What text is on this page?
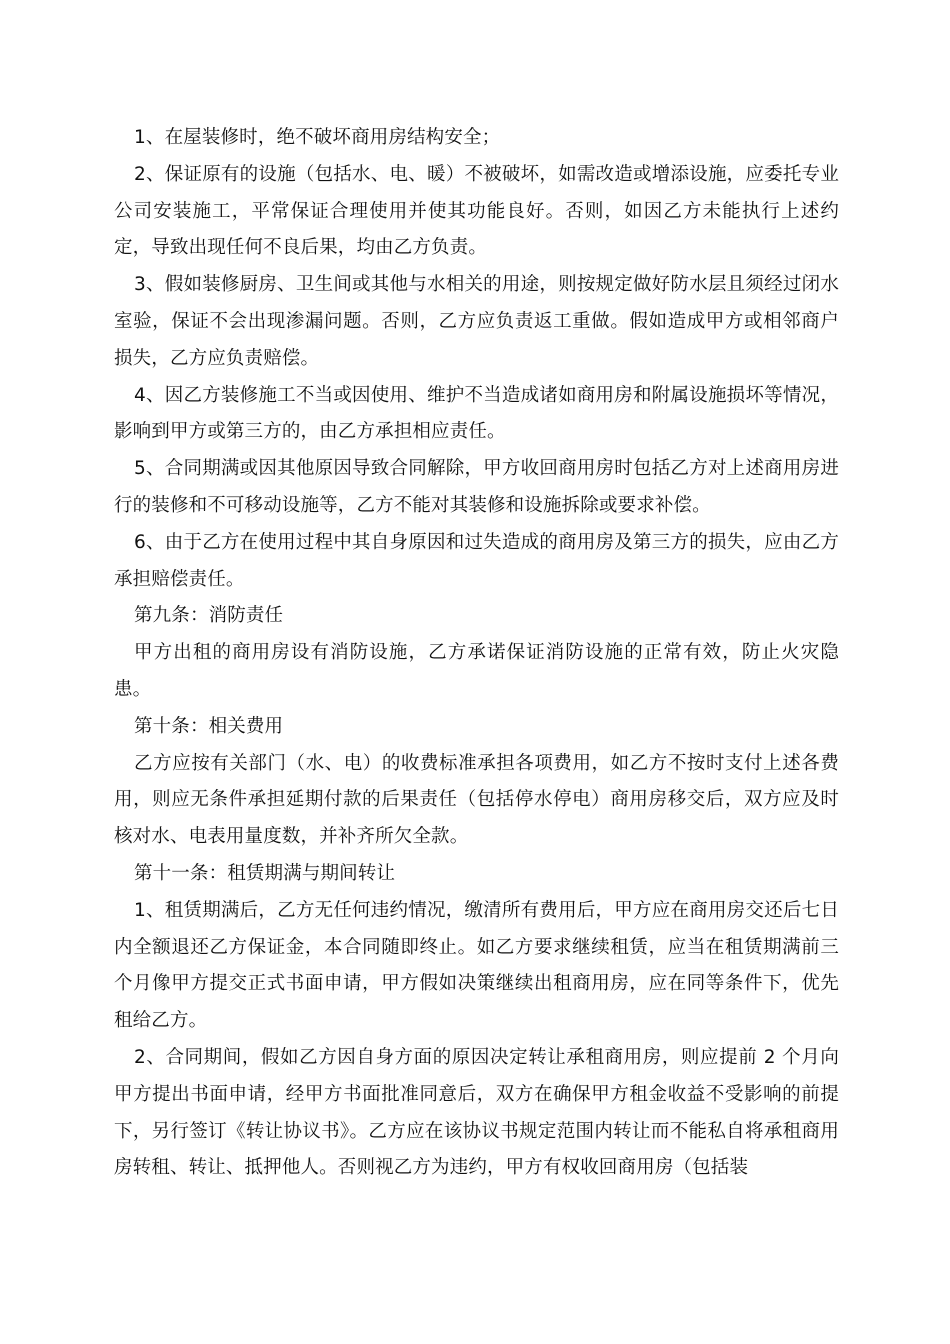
1、在屋装修时，绝不破坏商用房结构安全；

2、保证原有的设施（包括水、电、暖）不被破坏，如需改造或增添设施，应委托专业公司安装施工，平常保证合理使用并使其功能良好。否则，如因乙方未能执行上述约定，导致出现任何不良后果，均由乙方负责。

3、假如装修厨房、卫生间或其他与水相关的用途，则按规定做好防水层且须经过闭水室验，保证不会出现渗漏问题。否则，乙方应负责返工重做。假如造成甲方或相邻商户损失，乙方应负责赔偿。

4、因乙方装修施工不当或因使用、维护不当造成诸如商用房和附属设施损坏等情况，影响到甲方或第三方的，由乙方承担相应责任。

5、合同期满或因其他原因导致合同解除，甲方收回商用房时包括乙方对上述商用房进行的装修和不可移动设施等，乙方不能对其装修和设施拆除或要求补偿。

6、由于乙方在使用过程中其自身原因和过失造成的商用房及第三方的损失，应由乙方承担赔偿责任。

第九条：消防责任

甲方出租的商用房设有消防设施，乙方承诺保证消防设施的正常有效，防止火灾隐患。

第十条：相关费用

乙方应按有关部门（水、电）的收费标准承担各项费用，如乙方不按时支付上述各费用，则应无条件承担延期付款的后果责任（包括停水停电）商用房移交后，双方应及时核对水、电表用量度数，并补齐所欠全款。

第十一条：租赁期满与期间转让

1、租赁期满后，乙方无任何违约情况，缴清所有费用后，甲方应在商用房交还后七日内全额退还乙方保证金，本合同随即终止。如乙方要求继续租赁，应当在租赁期满前三个月像甲方提交正式书面申请，甲方假如决策继续出租商用房，应在同等条件下，优先租给乙方。

2、合同期间，假如乙方因自身方面的原因决定转让承租商用房，则应提前 2 个月向甲方提出书面申请，经甲方书面批准同意后，双方在确保甲方租金收益不受影响的前提下，另行签订《转让协议书》。乙方应在该协议书规定范围内转让而不能私自将承租商用房转租、转让、抵押他人。否则视乙方为违约，甲方有权收回商用房（包括装
